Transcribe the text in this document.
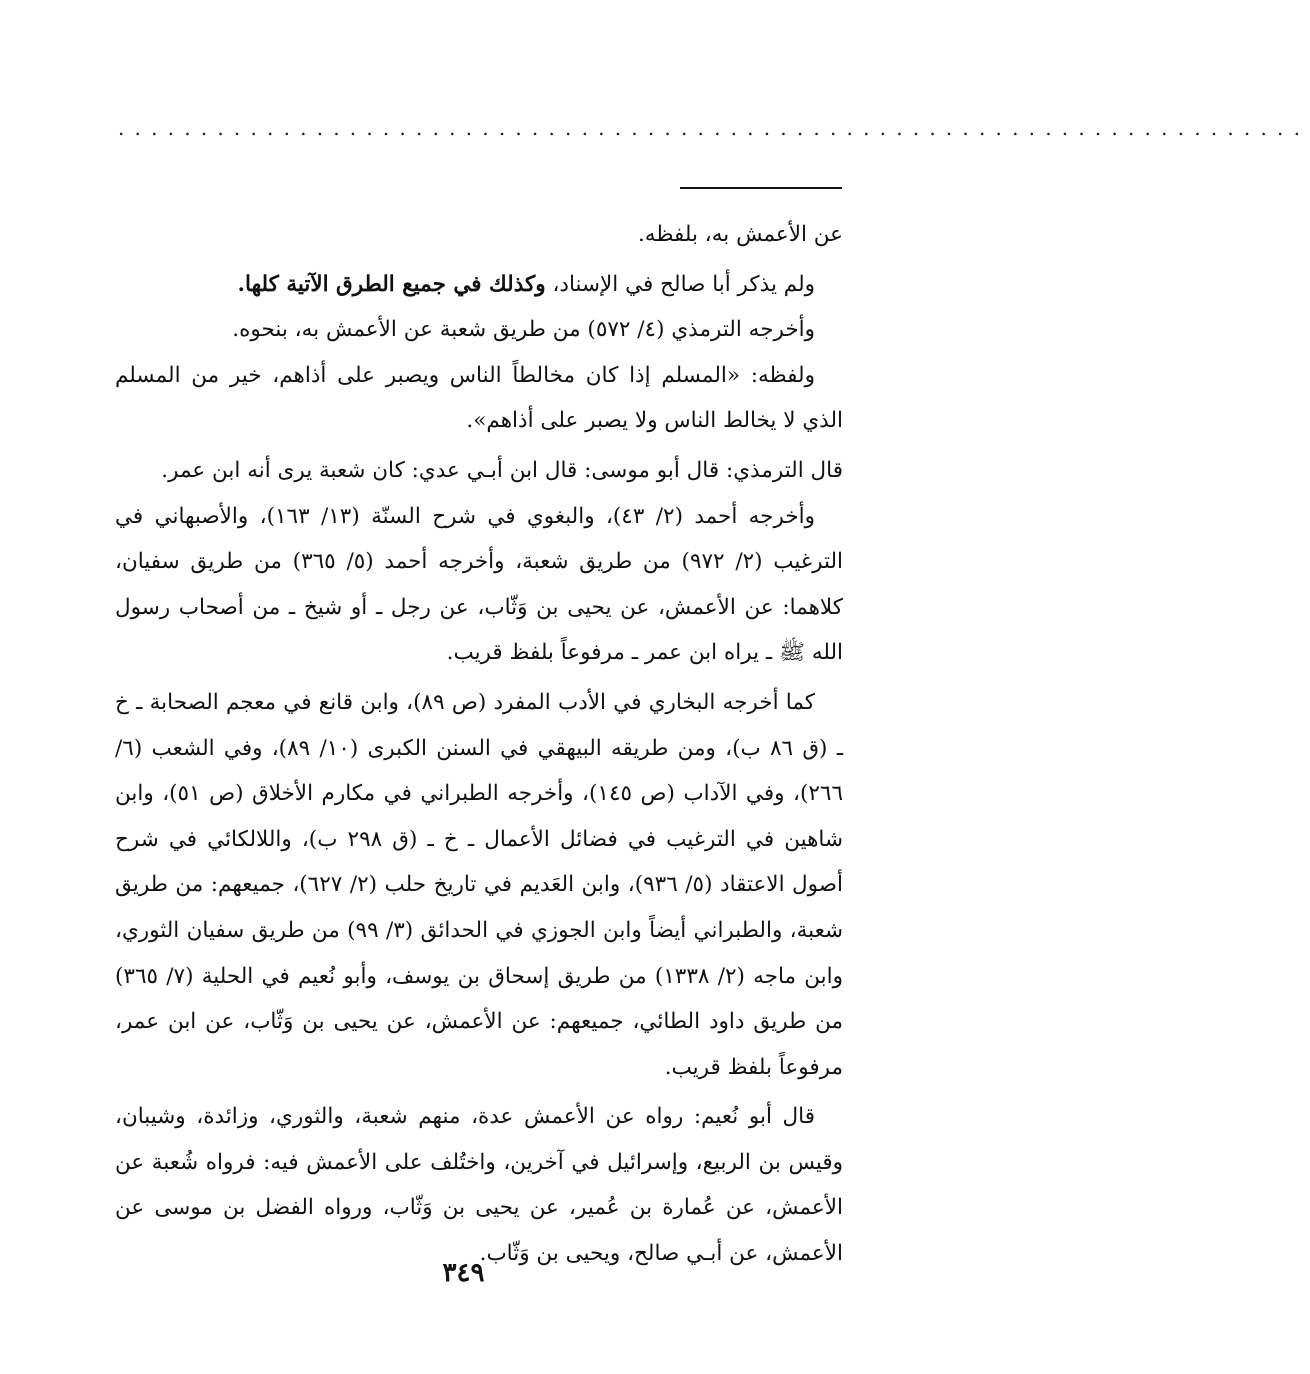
........................................................................

عن الأعمش به، بلفظه.

ولم يذكر أبا صالح في الإسناد، وكذلك في جميع الطرق الآتية كلها.

وأخرجه الترمذي (٤/ ٥٧٢) من طريق شعبة عن الأعمش به، بنحوه.

ولفظه: «المسلم إذا كان مخالطاً الناس ويصبر على أذاهم، خير من المسلم الذي لا يخالط الناس ولا يصبر على أذاهم».

قال الترمذي: قال أبو موسى: قال ابن أبـي عدي: كان شعبة يرى أنه ابن عمر.

وأخرجه أحمد (٢/ ٤٣)، والبغوي في شرح السنّة (١٣/ ١٦٣)، والأصبهاني في الترغيب (٢/ ٩٧٢) من طريق شعبة، وأخرجه أحمد (٥/ ٣٦٥) من طريق سفيان، كلاهما: عن الأعمش، عن يحيى بن وَثّاب، عن رجل ـ أو شيخ ـ من أصحاب رسول الله ﷺ ـ يراه ابن عمر ـ مرفوعاً بلفظ قريب.

كما أخرجه البخاري في الأدب المفرد (ص ٨٩)، وابن قانع في معجم الصحابة ـ خ ـ (ق ٨٦ ب)، ومن طريقه البيهقي في السنن الكبرى (١٠/ ٨٩)، وفي الشعب (٦/ ٢٦٦)، وفي الآداب (ص ١٤٥)، وأخرجه الطبراني في مكارم الأخلاق (ص ٥١)، وابن شاهين في الترغيب في فضائل الأعمال ـ خ ـ (ق ٢٩٨ ب)، واللالكائي في شرح أصول الاعتقاد (٥/ ٩٣٦)، وابن العَديم في تاريخ حلب (٢/ ٦٢٧)، جميعهم: من طريق شعبة، والطبراني أيضاً وابن الجوزي في الحدائق (٣/ ٩٩) من طريق سفيان الثوري، وابن ماجه (٢/ ١٣٣٨) من طريق إسحاق بن يوسف، وأبو نُعيم في الحلية (٧/ ٣٦٥) من طريق داود الطائي، جميعهم: عن الأعمش، عن يحيى بن وَثّاب، عن ابن عمر، مرفوعاً بلفظ قريب.

قال أبو نُعيم: رواه عن الأعمش عدة، منهم شعبة، والثوري، وزائدة، وشيبان، وقيس بن الربيع، وإسرائيل في آخرين، واختُلف على الأعمش فيه: فرواه شُعبة عن الأعمش، عن عُمارة بن عُمير، عن يحيى بن وَثّاب، ورواه الفضل بن موسى عن الأعمش، عن أبـي صالح، ويحيى بن وَثّاب.

٣٤٩
